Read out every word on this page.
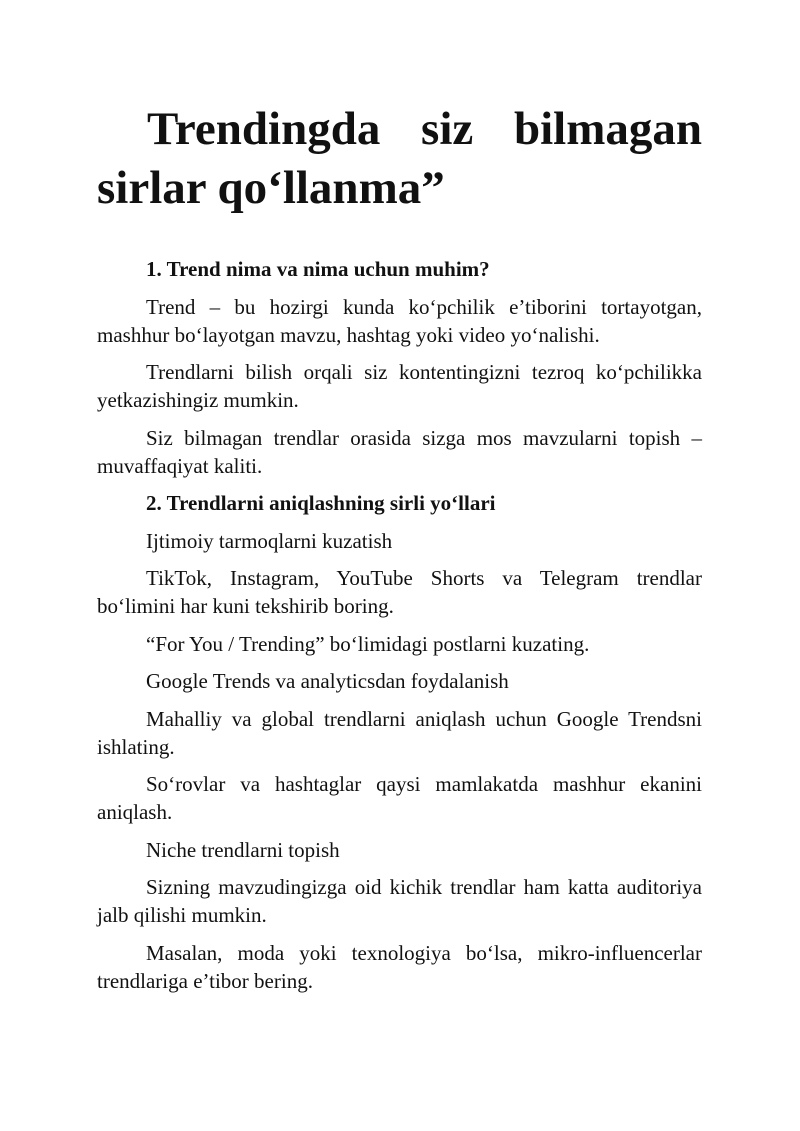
Trendingda siz bilmagan sirlar qo‘llanma”

1. Trend nima va nima uchun muhim?

Trend – bu hozirgi kunda ko‘pchilik e’tiborini tortayotgan, mashhur bo‘layotgan mavzu, hashtag yoki video yo‘nalishi.

Trendlarni bilish orqali siz kontentingizni tezroq ko‘pchilikka yetkazishingiz mumkin.

Siz bilmagan trendlar orasida sizga mos mavzularni topish – muvaffaqiyat kaliti.

2. Trendlarni aniqlashning sirli yo‘llari

Ijtimoiy tarmoqlarni kuzatish

TikTok, Instagram, YouTube Shorts va Telegram trendlar bo‘limini har kuni tekshirib boring.

“For You / Trending” bo‘limidagi postlarni kuzating.

Google Trends va analyticsdan foydalanish

Mahalliy va global trendlarni aniqlash uchun Google Trendsni ishlating.

So‘rovlar va hashtaglar qaysi mamlakatda mashhur ekanini aniqlash.

Niche trendlarni topish

Sizning mavzudingizga oid kichik trendlar ham katta auditoriya jalb qilishi mumkin.

Masalan, moda yoki texnologiya bo‘lsa, mikro-influencerlar trendlariga e’tibor bering.
